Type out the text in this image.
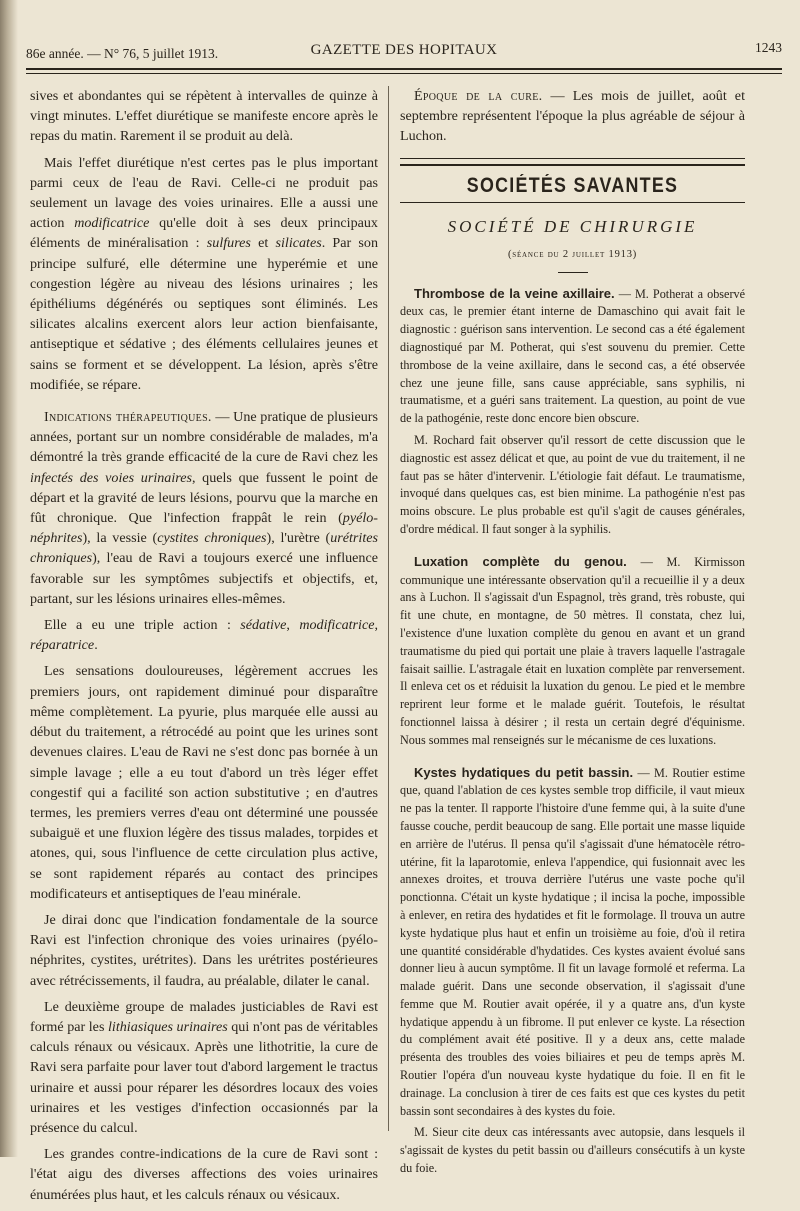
86e année. — N° 76, 5 juillet 1913.	GAZETTE DES HOPITAUX	1243

sives et abondantes qui se répètent à intervalles de quinze à vingt minutes. L'effet diurétique se manifeste encore après le repas du matin. Rarement il se produit au delà.

Mais l'effet diurétique n'est certes pas le plus important parmi ceux de l'eau de Ravi. Celle-ci ne produit pas seulement un lavage des voies urinaires. Elle a aussi une action modificatrice qu'elle doit à ses deux principaux éléments de minéralisation : sulfures et silicates. Par son principe sulfuré, elle détermine une hyperémie et une congestion légère au niveau des lésions urinaires ; les épithéliums dégénérés ou septiques sont éliminés. Les silicates alcalins exercent alors leur action bienfaisante, antiseptique et sédative ; des éléments cellulaires jeunes et sains se forment et se développent. La lésion, après s'être modifiée, se répare.

Indications thérapeutiques. — Une pratique de plusieurs années, portant sur un nombre considérable de malades, m'a démontré la très grande efficacité de la cure de Ravi chez les infectés des voies urinaires, quels que fussent le point de départ et la gravité de leurs lésions, pourvu que la marche en fût chronique. Que l'infection frappât le rein (pyélo-néphrites), la vessie (cystites chroniques), l'urètre (urétrites chroniques), l'eau de Ravi a toujours exercé une influence favorable sur les symptômes subjectifs et objectifs, et, partant, sur les lésions urinaires elles-mêmes.

Elle a eu une triple action : sédative, modificatrice, réparatrice.

Les sensations douloureuses, légèrement accrues les premiers jours, ont rapidement diminué pour disparaître même complètement. La pyurie, plus marquée elle aussi au début du traitement, a rétrocédé au point que les urines sont devenues claires. L'eau de Ravi ne s'est donc pas bornée à un simple lavage ; elle a eu tout d'abord un très léger effet congestif qui a facilité son action substitutive ; en d'autres termes, les premiers verres d'eau ont déterminé une poussée subaiguë et une fluxion légère des tissus malades, torpides et atones, qui, sous l'influence de cette circulation plus active, se sont rapidement réparés au contact des principes modificateurs et antiseptiques de l'eau minérale.

Je dirai donc que l'indication fondamentale de la source Ravi est l'infection chronique des voies urinaires (pyélo-néphrites, cystites, urétrites). Dans les urétrites postérieures avec rétrécissements, il faudra, au préalable, dilater le canal.

Le deuxième groupe de malades justiciables de Ravi est formé par les lithiasiques urinaires qui n'ont pas de véritables calculs rénaux ou vésicaux. Après une lithotritie, la cure de Ravi sera parfaite pour laver tout d'abord largement le tractus urinaire et aussi pour réparer les désordres locaux des voies urinaires et les vestiges d'infection occasionnés par la présence du calcul.

Les grandes contre-indications de la cure de Ravi sont : l'état aigu des diverses affections des voies urinaires énumérées plus haut, et les calculs rénaux ou vésicaux.

Époque de la cure. — Les mois de juillet, août et septembre représentent l'époque la plus agréable de séjour à Luchon.

SOCIÉTÉS SAVANTES
SOCIÉTÉ DE CHIRURGIE
(séance du 2 juillet 1913)

Thrombose de la veine axillaire. — M. Potherat a observé deux cas, le premier étant interne de Damaschino qui avait fait le diagnostic : guérison sans intervention. Le second cas a été également diagnostiqué par M. Potherat, qui s'est souvenu du premier. Cette thrombose de la veine axillaire, dans le second cas, a été observée chez une jeune fille, sans cause appréciable, sans syphilis, ni traumatisme, et a guéri sans traitement. La question, au point de vue de la pathogénie, reste donc encore bien obscure.

M. Rochard fait observer qu'il ressort de cette discussion que le diagnostic est assez délicat et que, au point de vue du traitement, il ne faut pas se hâter d'intervenir. L'étiologie fait défaut. Le traumatisme, invoqué dans quelques cas, est bien minime. La pathogénie n'est pas moins obscure. Le plus probable est qu'il s'agit de causes générales, d'ordre médical. Il faut songer à la syphilis.

Luxation complète du genou. — M. Kirmisson communique une intéressante observation qu'il a recueillie il y a deux ans à Luchon. Il s'agissait d'un Espagnol, très grand, très robuste, qui fit une chute, en montagne, de 50 mètres. Il constata, chez lui, l'existence d'une luxation complète du genou en avant et un grand traumatisme du pied qui portait une plaie à travers laquelle l'astragale faisait saillie. L'astragale était en luxation complète par renversement. Il enleva cet os et réduisit la luxation du genou. Le pied et le membre reprirent leur forme et le malade guérit. Toutefois, le résultat fonctionnel laissa à désirer ; il resta un certain degré d'équinisme. Nous sommes mal renseignés sur le mécanisme de ces luxations.

Kystes hydatiques du petit bassin. — M. Routier estime que, quand l'ablation de ces kystes semble trop difficile, il vaut mieux ne pas la tenter. Il rapporte l'histoire d'une femme qui, à la suite d'une fausse couche, perdit beaucoup de sang. Elle portait une masse liquide en arrière de l'utérus. Il pensa qu'il s'agissait d'une hématocèle rétro-utérine, fit la laparotomie, enleva l'appendice, qui fusionnait avec les annexes droites, et trouva derrière l'utérus une vaste poche qu'il ponctionna. C'était un kyste hydatique ; il incisa la poche, impossible à enlever, en retira des hydatides et fit le formolage. Il trouva un autre kyste hydatique plus haut et enfin un troisième au foie, d'où il retira une quantité considérable d'hydatides. Ces kystes avaient évolué sans donner lieu à aucun symptôme. Il fit un lavage formolé et referma. La malade guérit. Dans une seconde observation, il s'agissait d'une femme que M. Routier avait opérée, il y a quatre ans, d'un kyste hydatique appendu à un fibrome. Il put enlever ce kyste. La résection du complément avait été positive. Il y a deux ans, cette malade présenta des troubles des voies biliaires et peu de temps après M. Routier l'opéra d'un nouveau kyste hydatique du foie. Il en fit le drainage. La conclusion à tirer de ces faits est que ces kystes du petit bassin sont secondaires à des kystes du foie.

M. Sieur cite deux cas intéressants avec autopsie, dans lesquels il s'agissait de kystes du petit bassin ou d'ailleurs consécutifs à un kyste du foie.
